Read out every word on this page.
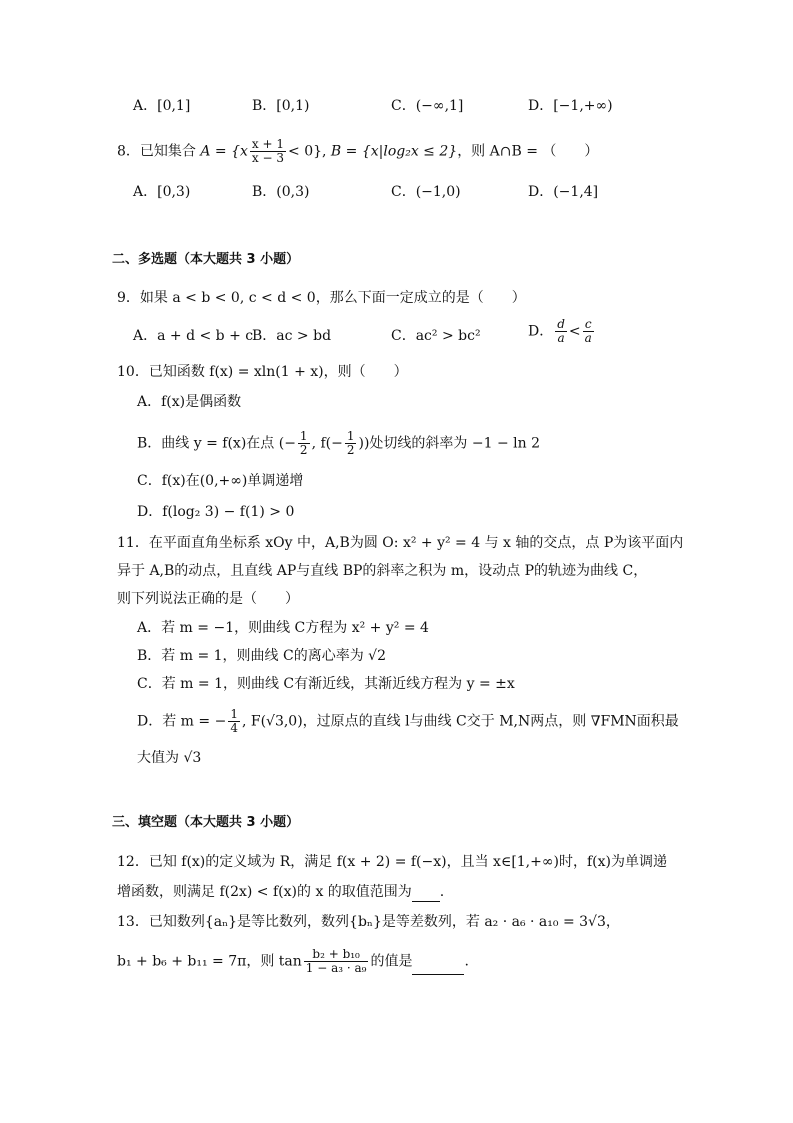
A．[0,1]	B．[0,1)	C．(−∞,1]	D．[−1,+∞)
8．已知集合 $A = \{x \frac{x + 1}{x - 3} < 0\}$, B = {x|log₂x ≤ 2}，则 A∩B = （　　）
A．[0,3)	B．(0,3)	C．(−1,0)	D．(−1,4]
二、多选题（本大题共 3 小题）
9．如果 a < b < 0, c < d < 0，那么下面一定成立的是（　　）
A．a + d < b + c
B．ac > bd	C．ac² > bc²	D． $\frac{d}{a} < \frac{c}{a}$
10．已知函数 f(x) = xln(1 + x)，则（　　）
A．f(x)是偶函数
B．曲线 y = f(x)在点 (− $\frac{1}{2}$ , $f(- \frac{1}{2}$ ))处切线的斜率为 −1 − ln 2
C．f(x)在(0,+∞)单调递增
D．f(log₂ 3) − f(1) > 0
11．在平面直角坐标系 xOy 中，A,B为圆 O: x² + y² = 4 与 x 轴的交点，点 P为该平面内
异于 A,B的动点，且直线 AP与直线 BP的斜率之积为 m，设动点 P的轨迹为曲线 C，
则下列说法正确的是（　　）
A．若 m = −1，则曲线 C方程为 x² + y² = 4
B．若 m = 1，则曲线 C的离心率为 √2
C．若 m = 1，则曲线 C有渐近线，其渐近线方程为 y = ±x
D．若 m = − $\frac{1}{4}$ , F(√3,0)，过原点的直线 l与曲线 C交于 M,N两点，则 ∇FMN面积最
大值为 √3
三、填空题（本大题共 3 小题）
12．已知 f(x)的定义域为 R，满足 f(x + 2) = f(−x)，且当 x∈[1,+∞)时，f(x)为单调递
增函数，则满足 f(2x) < f(x)的 x 的取值范围为 .
13．已知数列{aₙ}是等比数列，数列{bₙ}是等差数列，若 a₂ · a₆ · a₁₀ = 3√3，
b₁ + b₆ + b₁₁ = 7π，则 $\tan \frac{\text{b₂ + b₁₀}}{\text{1 − a₃ · a₉}}$ 的值是	.
